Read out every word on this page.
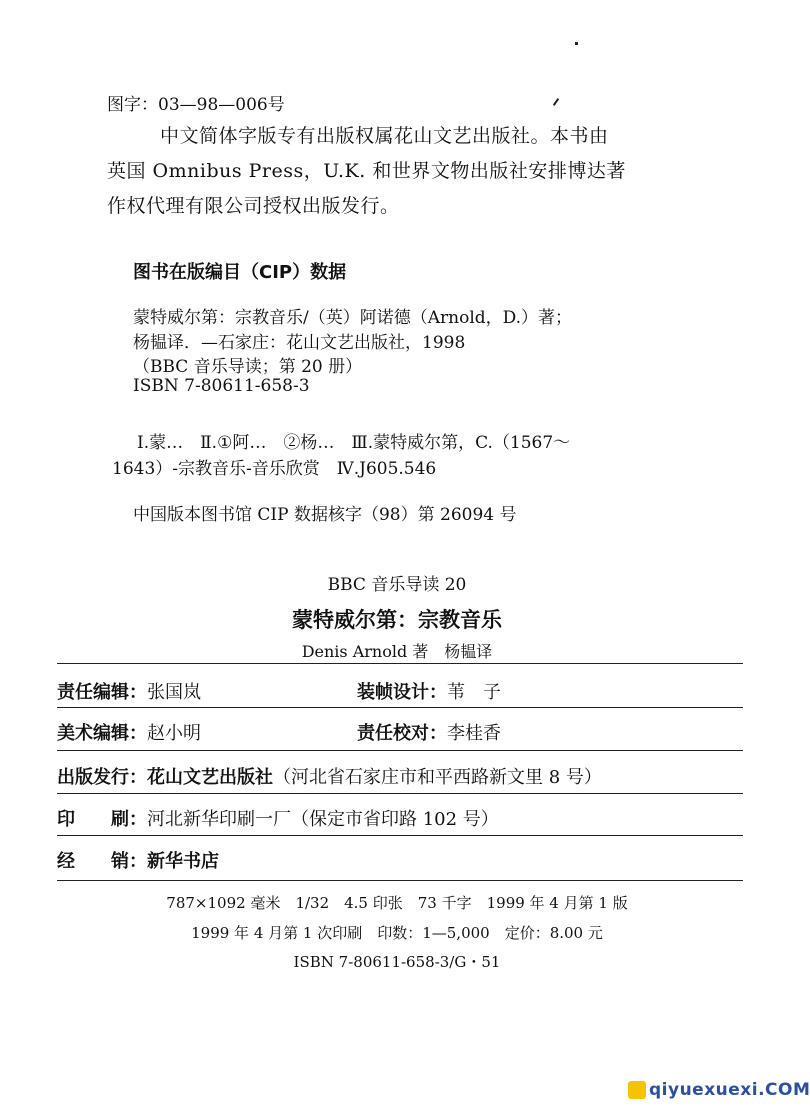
图字：03—98—006号
中文简体字版专有出版权属花山文艺出版社。本书由
英国 Omnibus Press，U.K. 和世界文物出版社安排博达著
作权代理有限公司授权出版发行。
图书在版编目（CIP）数据
蒙特威尔第：宗教音乐/（英）阿诺德（Arnold，D.）著；
杨韫译．—石家庄：花山文艺出版社，1998
（BBC 音乐导读；第 20 册）
ISBN 7-80611-658-3
Ⅰ.蒙…　Ⅱ.①阿…　②杨…　Ⅲ.蒙特威尔第，C.（1567～
1643）-宗教音乐-音乐欣赏　Ⅳ.J605.546
中国版本图书馆 CIP 数据核字（98）第 26094 号
BBC 音乐导读 20
蒙特威尔第：宗教音乐
Denis Arnold 著　杨韫译
责任编辑：张国岚	装帧设计：苇　子
美术编辑：赵小明	责任校对：李桂香
出版发行：花山文艺出版社（河北省石家庄市和平西路新文里 8 号）
印　　刷：河北新华印刷一厂（保定市省印路 102 号）
经　　销：新华书店
787×1092 毫米　1/32　4.5 印张　73 千字　1999 年 4 月第 1 版
1999 年 4 月第 1 次印刷　印数：1—5,000　定价：8.00 元
ISBN 7-80611-658-3/G・51
qiyuexuexi.COM
